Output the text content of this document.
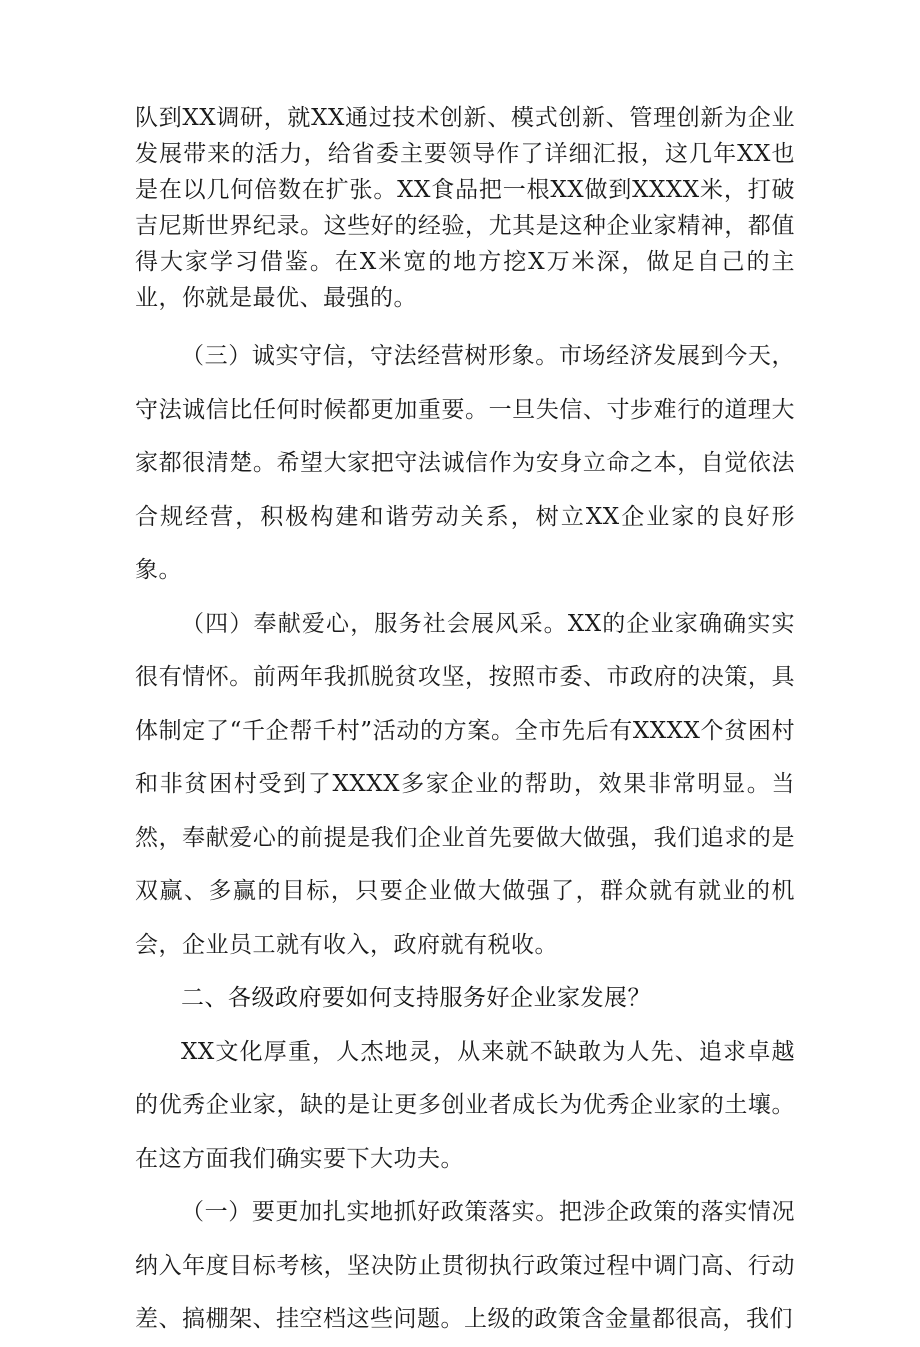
队到XX调研，就XX通过技术创新、模式创新、管理创新为企业发展带来的活力，给省委主要领导作了详细汇报，这几年XX也是在以几何倍数在扩张。XX食品把一根XX做到XXXX米，打破吉尼斯世界纪录。这些好的经验，尤其是这种企业家精神，都值得大家学习借鉴。在X米宽的地方挖X万米深，做足自己的主业，你就是最优、最强的。

（三）诚实守信，守法经营树形象。市场经济发展到今天，守法诚信比任何时候都更加重要。一旦失信、寸步难行的道理大家都很清楚。希望大家把守法诚信作为安身立命之本，自觉依法合规经营，积极构建和谐劳动关系，树立XX企业家的良好形象。

（四）奉献爱心，服务社会展风采。XX的企业家确确实实很有情怀。前两年我抓脱贫攻坚，按照市委、市政府的决策，具体制定了“千企帮千村”活动的方案。全市先后有XXXX个贫困村和非贫困村受到了XXXX多家企业的帮助，效果非常明显。当然，奉献爱心的前提是我们企业首先要做大做强，我们追求的是双赢、多赢的目标，只要企业做大做强了，群众就有就业的机会，企业员工就有收入，政府就有税收。

二、各级政府要如何支持服务好企业家发展？

XX文化厚重，人杰地灵，从来就不缺敢为人先、追求卓越的优秀企业家，缺的是让更多创业者成长为优秀企业家的土壤。在这方面我们确实要下大功夫。

（一）要更加扎实地抓好政策落实。把涉企政策的落实情况纳入年度目标考核，坚决防止贯彻执行政策过程中调门高、行动差、搞棚架、挂空档这些问题。上级的政策含金量都很高，我们
